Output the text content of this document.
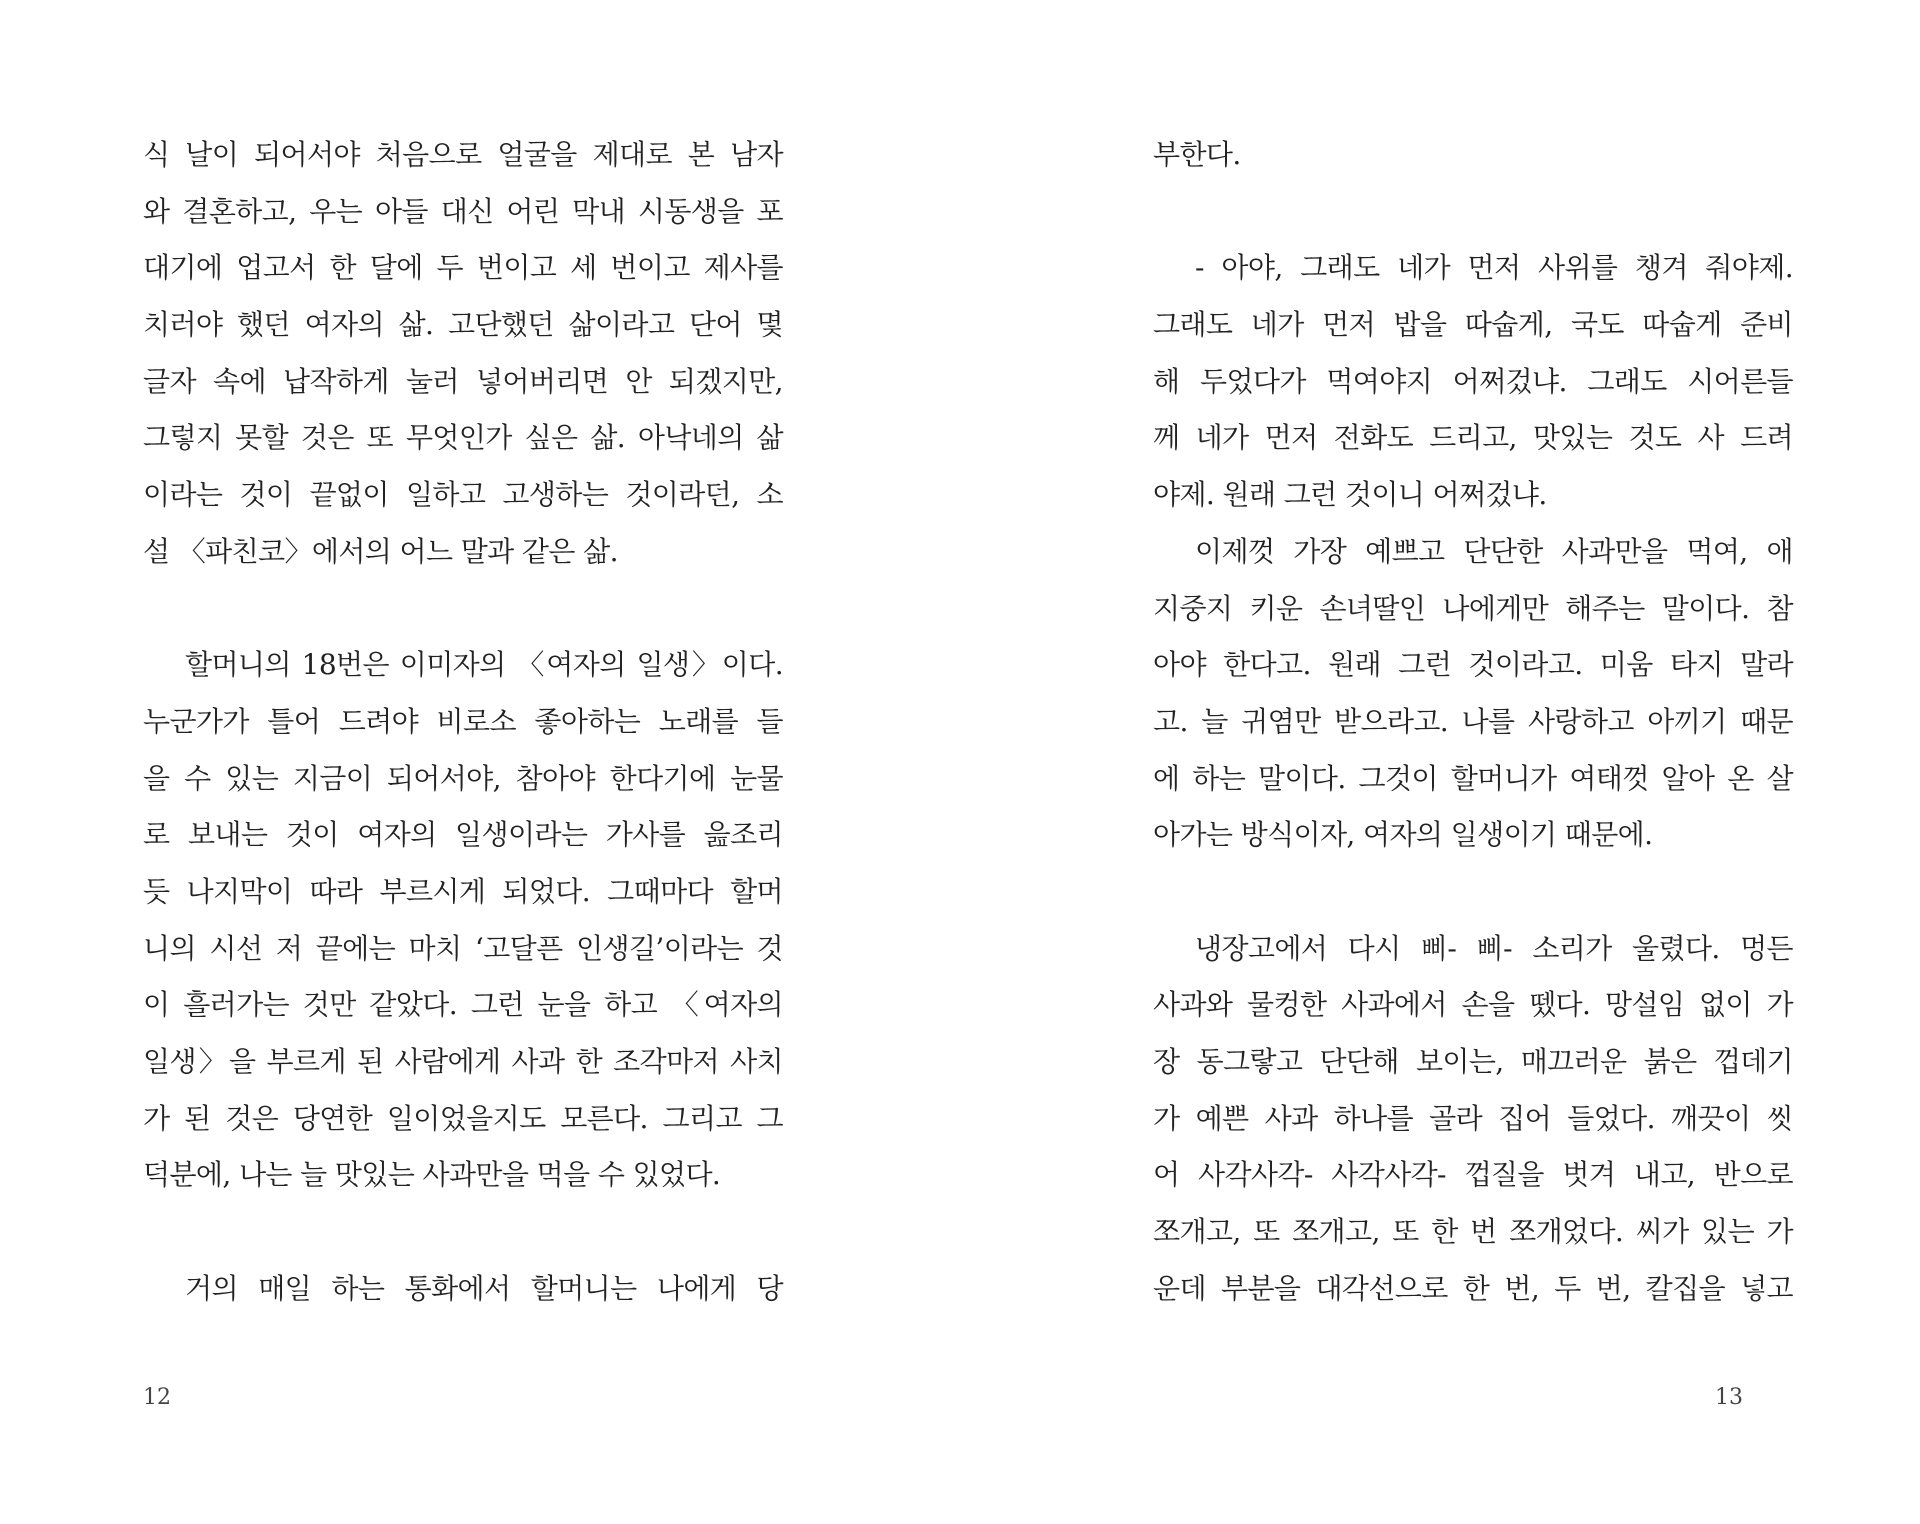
식 날이 되어서야 처음으로 얼굴을 제대로 본 남자
와 결혼하고, 우는 아들 대신 어린 막내 시동생을 포
대기에 업고서 한 달에 두 번이고 세 번이고 제사를
치러야 했던 여자의 삶. 고단했던 삶이라고 단어 몇
글자 속에 납작하게 눌러 넣어버리면 안 되겠지만,
그렇지 못할 것은 또 무엇인가 싶은 삶. 아낙네의 삶
이라는 것이 끝없이 일하고 고생하는 것이라던, 소
설 〈파친코〉에서의 어느 말과 같은 삶.
할머니의 18번은 이미자의 〈여자의 일생〉이다.
누군가가 틀어 드려야 비로소 좋아하는 노래를 들
을 수 있는 지금이 되어서야, 참아야 한다기에 눈물
로 보내는 것이 여자의 일생이라는 가사를 읊조리
듯 나지막이 따라 부르시게 되었다. 그때마다 할머
니의 시선 저 끝에는 마치 ‘고달픈 인생길’이라는 것
이 흘러가는 것만 같았다. 그런 눈을 하고 〈여자의
일생〉을 부르게 된 사람에게 사과 한 조각마저 사치
가 된 것은 당연한 일이었을지도 모른다. 그리고 그
덕분에, 나는 늘 맛있는 사과만을 먹을 수 있었다.
거의 매일 하는 통화에서 할머니는 나에게 당
12
부한다.
- 아야, 그래도 네가 먼저 사위를 챙겨 줘야제.
그래도 네가 먼저 밥을 따숩게, 국도 따숩게 준비
해 두었다가 먹여야지 어쩌겄냐. 그래도 시어른들
께 네가 먼저 전화도 드리고, 맛있는 것도 사 드려
야제. 원래 그런 것이니 어쩌겄냐.
이제껏 가장 예쁘고 단단한 사과만을 먹여, 애
지중지 키운 손녀딸인 나에게만 해주는 말이다. 참
아야 한다고. 원래 그런 것이라고. 미움 타지 말라
고. 늘 귀염만 받으라고. 나를 사랑하고 아끼기 때문
에 하는 말이다. 그것이 할머니가 여태껏 알아 온 살
아가는 방식이자, 여자의 일생이기 때문에.
냉장고에서 다시 삐- 삐- 소리가 울렸다. 멍든
사과와 물컹한 사과에서 손을 뗐다. 망설임 없이 가
장 동그랗고 단단해 보이는, 매끄러운 붉은 껍데기
가 예쁜 사과 하나를 골라 집어 들었다. 깨끗이 씻
어 사각사각- 사각사각- 껍질을 벗겨 내고, 반으로
쪼개고, 또 쪼개고, 또 한 번 쪼개었다. 씨가 있는 가
운데 부분을 대각선으로 한 번, 두 번, 칼집을 넣고
13
